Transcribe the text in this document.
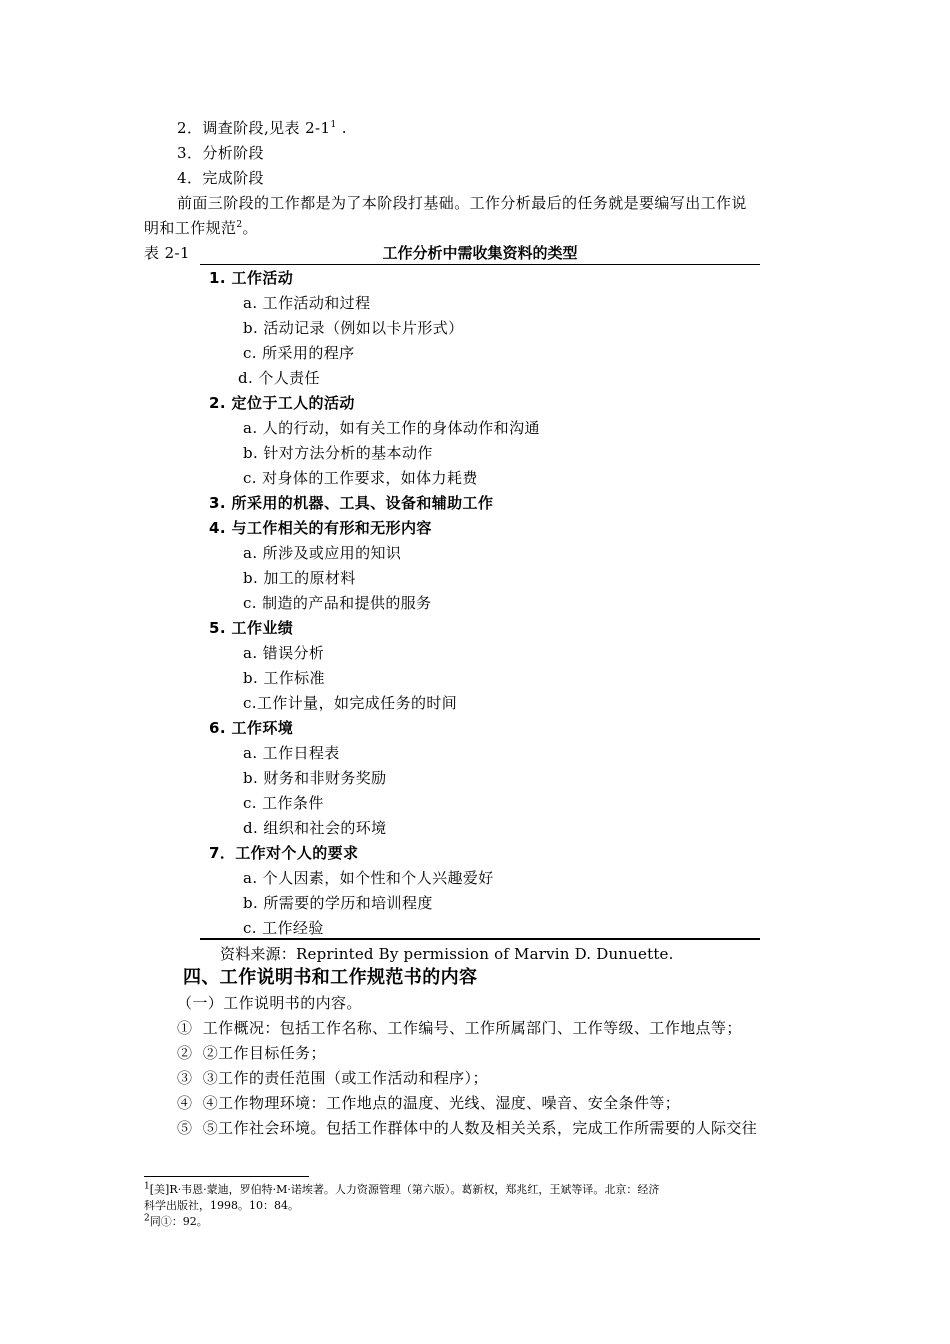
2．调查阶段,见表 $2-1^1$ .
3．分析阶段
4．完成阶段
前面三阶段的工作都是为了本阶段打基础。工作分析最后的任务就是要编写出工作说
明和工作规范$^2$。
表 2-1	工作分析中需收集资料的类型
1. 工作活动
a. 工作活动和过程
b. 活动记录（例如以卡片形式）
c. 所采用的程序
d. 个人责任
2. 定位于工人的活动
a. 人的行动，如有关工作的身体动作和沟通
b. 针对方法分析的基本动作
c. 对身体的工作要求，如体力耗费
3. 所采用的机器、工具、设备和辅助工作
4. 与工作相关的有形和无形内容
a. 所涉及或应用的知识
b. 加工的原材料
c. 制造的产品和提供的服务
5. 工作业绩
a. 错误分析
b. 工作标准
c.工作计量，如完成任务的时间
6. 工作环境
a. 工作日程表
b. 财务和非财务奖励
c. 工作条件
d. 组织和社会的环境
7．工作对个人的要求
a. 个人因素，如个性和个人兴趣爱好
b. 所需要的学历和培训程度
c. 工作经验
资料来源：Reprinted By permission of Marvin D. Dunuette.
四、工作说明书和工作规范书的内容
（一）工作说明书的内容。
① 工作概况：包括工作名称、工作编号、工作所属部门、工作等级、工作地点等；
② ②工作目标任务；
③ ③工作的责任范围（或工作活动和程序）；
④ ④工作物理环境：工作地点的温度、光线、湿度、噪音、安全条件等；
⑤ ⑤工作社会环境。包括工作群体中的人数及相关关系，完成工作所需要的人际交往
$^1$[美]R·韦恩·蒙迪，罗伯特·M·诺埃著。人力资源管理（第六版）。葛新权，郑兆红，王斌等译。北京：经济
科学出版社，1998。10：84。
$^2$同①：92。
